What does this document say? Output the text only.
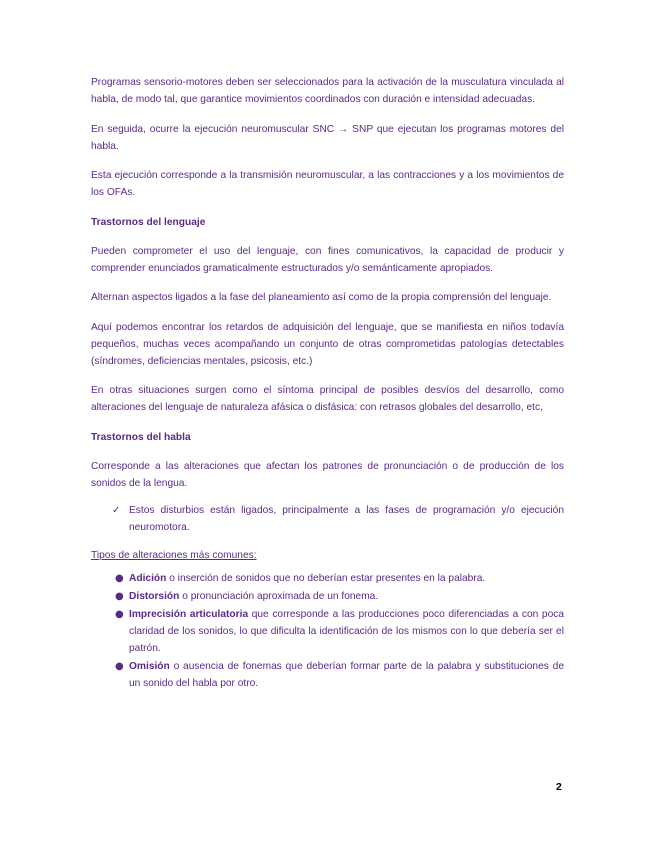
Programas sensorio-motores deben ser seleccionados para la activación de la musculatura vinculada al habla, de modo tal, que garantice movimientos coordinados con duración e intensidad adecuadas.

En seguida, ocurre la ejecución neuromuscular SNC → SNP que ejecutan los programas motores del habla.

Esta ejecución corresponde a la transmisión neuromuscular, a las contracciones y a los movimientos de los OFAs.

Trastornos del lenguaje

Pueden comprometer el uso del lenguaje, con fines comunicativos, la capacidad de producir y comprender enunciados gramaticalmente estructurados y/o semánticamente apropiados.

Alternan aspectos ligados a la fase del planeamiento así como de la propia comprensión del lenguaje.

Aquí podemos encontrar los retardos de adquisición del lenguaje, que se manifiesta en niños todavía pequeños, muchas veces acompañando un conjunto de otras comprometidas patologías detectables (síndromes, deficiencias mentales, psicosis, etc.)

En otras situaciones surgen como el síntoma principal de posibles desvíos del desarrollo, como alteraciones del lenguaje de naturaleza afásica o disfásica: con retrasos globales del desarrollo, etc,

Trastornos del habla

Corresponde a las alteraciones que afectan los patrones de pronunciación o de producción de los sonidos de la lengua.

✓ Estos disturbios están ligados, principalmente a las fases de programación y/o ejecución neuromotora.
Tipos de alteraciones más comunes:
● Adición o inserción de sonidos que no deberían estar presentes en la palabra.
● Distorsión o pronunciación aproximada de un fonema.
● Imprecisión articulatoria que corresponde a las producciones poco diferenciadas a con poca claridad de los sonidos, lo que dificulta la identificación de los mismos con lo que debería ser el patrón.
● Omisión o ausencia de fonemas que deberían formar parte de la palabra y substituciones de un sonido del habla por otro.
2
